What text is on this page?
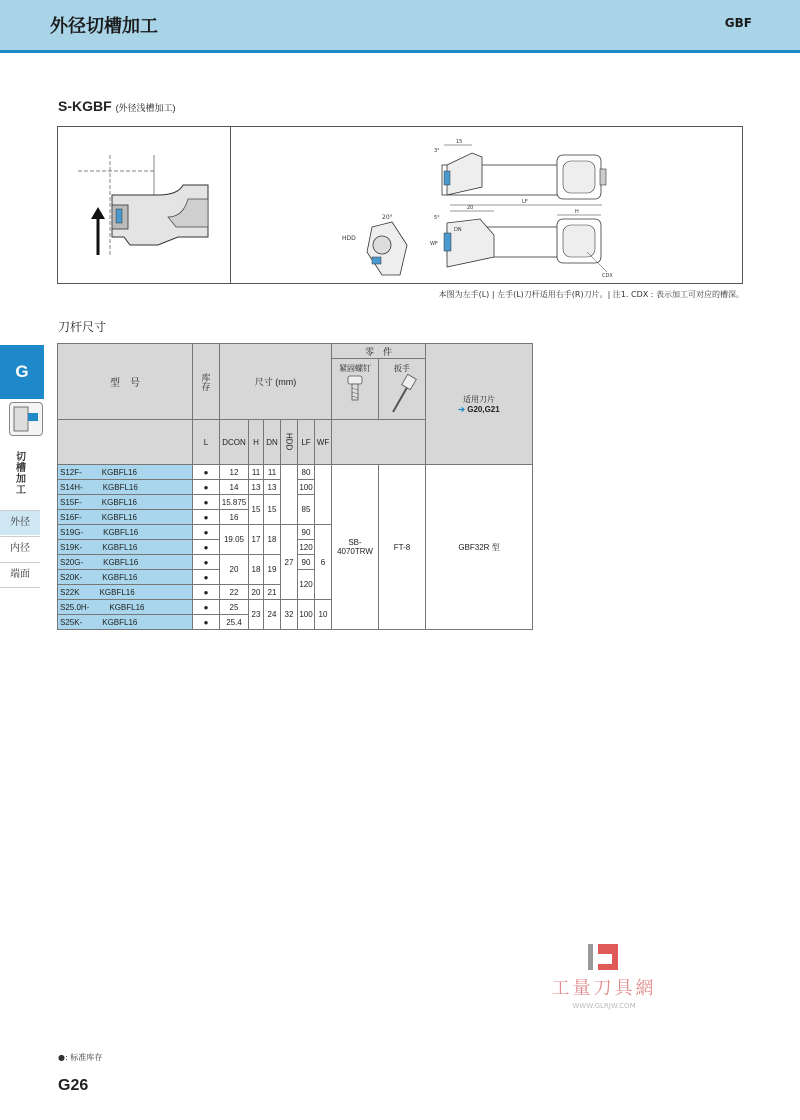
外径切槽加工	GBF
S-KGBF (外径浅槽加工)
HDD
20°
15
3°
20
LF
5°
WF
DN
H
CDX
本图为左手(L) | 左手(L)刀杆适用右手(R)刀片。| 注1. CDX : 表示加工可对应的槽深。
刀杆尺寸
G
切槽加工
外径
内径
端面
型　号	库存	尺寸 (mm)						零　件		适用刀片
➔ G20,G21

								紧固螺钉	扳手	

	L	DCON	H	DN	HDD	LF	WF			
S12F- KGBFL16	●	12	11	11		80		SB-4070TRW	FT-8	GBF32R 型
S14H- KGBFL16	●	14	13	13		100				
S15F- KGBFL16	●	15.875	15	15		85				
S16F- KGBFL16	●	16								
S19G- KGBFL16	●	19.05	17	18	27	90	6			
S19K- KGBFL16	●					120				
S20G- KGBFL16	●	20	18	19		90				
S20K- KGBFL16	●					120				
S22K KGBFL16	●	22	20	21						
S25.0H- KGBFL16	●	25	23	24	32	100	10			
S25K- KGBFL16	●	25.4								
工量刀具網
WWW.GLRJW.COM
●: 标准库存
G26
